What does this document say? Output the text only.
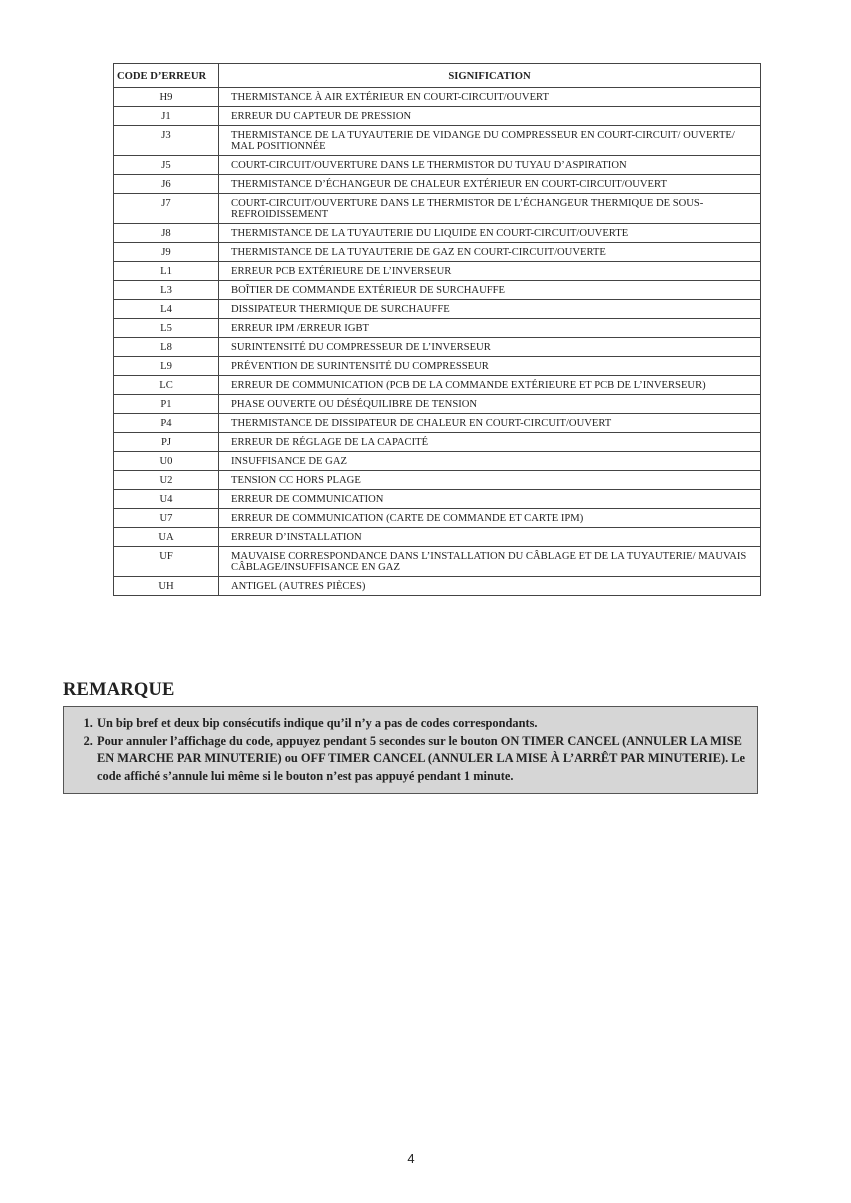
CODE D’ERREUR	SIGNIFICATION
H9	THERMISTANCE À AIR EXTÉRIEUR EN COURT-CIRCUIT/OUVERT
J1	ERREUR DU CAPTEUR DE PRESSION
J3	THERMISTANCE DE LA TUYAUTERIE DE VIDANGE DU COMPRESSEUR EN COURT-CIRCUIT/ OUVERTE/ MAL POSITIONNÉE
J5	COURT-CIRCUIT/OUVERTURE DANS LE THERMISTOR DU TUYAU D’ASPIRATION
J6	THERMISTANCE D’ÉCHANGEUR DE CHALEUR EXTÉRIEUR EN COURT-CIRCUIT/OUVERT
J7	COURT-CIRCUIT/OUVERTURE DANS LE THERMISTOR DE L’ÉCHANGEUR THERMIQUE DE SOUS- REFROIDISSEMENT
J8	THERMISTANCE DE LA TUYAUTERIE DU LIQUIDE EN COURT-CIRCUIT/OUVERTE
J9	THERMISTANCE DE LA TUYAUTERIE DE GAZ EN COURT-CIRCUIT/OUVERTE
L1	ERREUR PCB EXTÉRIEURE DE L’INVERSEUR
L3	BOÎTIER DE COMMANDE EXTÉRIEUR DE SURCHAUFFE
L4	DISSIPATEUR THERMIQUE DE SURCHAUFFE
L5	ERREUR IPM /ERREUR IGBT
L8	SURINTENSITÉ DU COMPRESSEUR DE L’INVERSEUR
L9	PRÉVENTION DE SURINTENSITÉ DU COMPRESSEUR
LC	ERREUR DE COMMUNICATION (PCB DE LA COMMANDE EXTÉRIEURE ET PCB DE L’INVERSEUR)
P1	PHASE OUVERTE OU DÉSÉQUILIBRE DE TENSION
P4	THERMISTANCE DE DISSIPATEUR DE CHALEUR EN COURT-CIRCUIT/OUVERT
PJ	ERREUR DE RÉGLAGE DE LA CAPACITÉ
U0	INSUFFISANCE DE GAZ
U2	TENSION CC HORS PLAGE
U4	ERREUR DE COMMUNICATION
U7	ERREUR DE COMMUNICATION (CARTE DE COMMANDE ET CARTE IPM)
UA	ERREUR D’INSTALLATION
UF	MAUVAISE CORRESPONDANCE DANS L’INSTALLATION DU CÂBLAGE ET DE LA TUYAUTERIE/ MAUVAIS CÂBLAGE/INSUFFISANCE EN GAZ
UH	ANTIGEL (AUTRES PIÈCES)
REMARQUE
1. Un bip bref et deux bip consécutifs indique qu’il n’y a pas de codes correspondants.
2. Pour annuler l’affichage du code, appuyez pendant 5 secondes sur le bouton ON TIMER CANCEL (ANNULER LA MISE EN MARCHE PAR MINUTERIE) ou OFF TIMER CANCEL (ANNULER LA MISE À L’ARRÊT PAR MINUTERIE). Le code affiché s’annule lui même si le bouton n’est pas appuyé pendant 1 minute.
4
